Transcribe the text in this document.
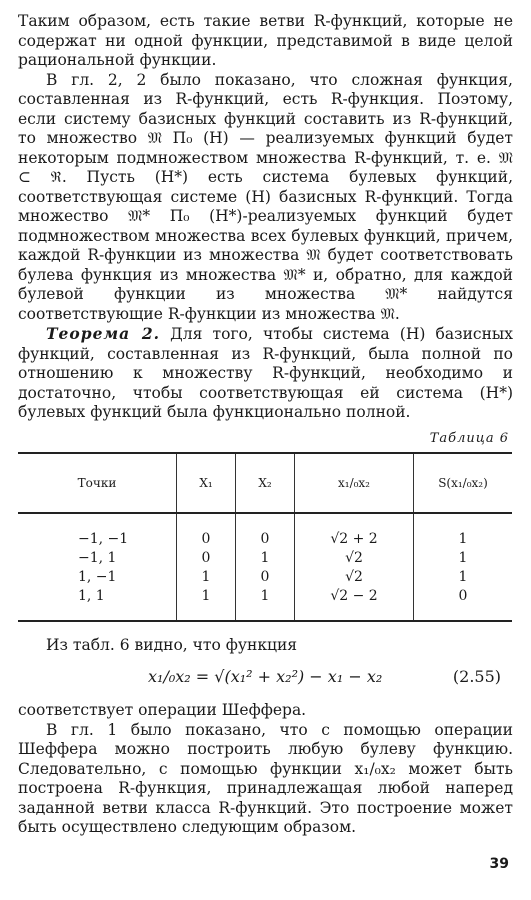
Таким образом, есть такие ветви R-функций, которые не содержат ни одной функции, представимой в виде целой рациональной функции.

В гл. 2, 2 было показано, что сложная функция, составленная из R-функций, есть R-функция. Поэтому, если систему базисных функций составить из R-функций, то множество 𝔐 Π₀ (H) — реализуемых функций будет некоторым подмножеством множества R-функций, т. е. 𝔐 ⊂ ℜ. Пусть (H*) есть система булевых функций, соответствующая системе (H) базисных R-функций. Тогда множество 𝔐* Π₀ (H*)-реализуемых функций будет подмножеством множества всех булевых функций, причем, каждой R-функции из множества 𝔐 будет соответствовать булева функция из множества 𝔐* и, обратно, для каждой булевой функции из множества 𝔐* найдутся соответствующие R-функции из множества 𝔐.

Теорема 2. Для того, чтобы система (H) базисных функций, составленная из R-функций, была полной по отношению к множеству R-функций, необходимо и достаточно, чтобы соответствующая ей система (H*) булевых функций была функционально полной.

Таблица 6
Точки	X₁	X₂	x₁/₀x₂	S(x₁/₀x₂)
−1, −1	0	0	√2 + 2	1
−1, 1	0	1	√2	1
1, −1	1	0	√2	1
1, 1	1	1	√2 − 2	0

Из табл. 6 видно, что функция

x₁/₀x₂ = √(x₁² + x₂²) − x₁ − x₂	(2.55)

соответствует операции Шеффера.

В гл. 1 было показано, что с помощью операции Шеффера можно построить любую булеву функцию. Следовательно, с помощью функции x₁/₀x₂ может быть построена R-функция, принадлежащая любой наперед заданной ветви класса R-функций. Это построение может быть осуществлено следующим образом.

39
